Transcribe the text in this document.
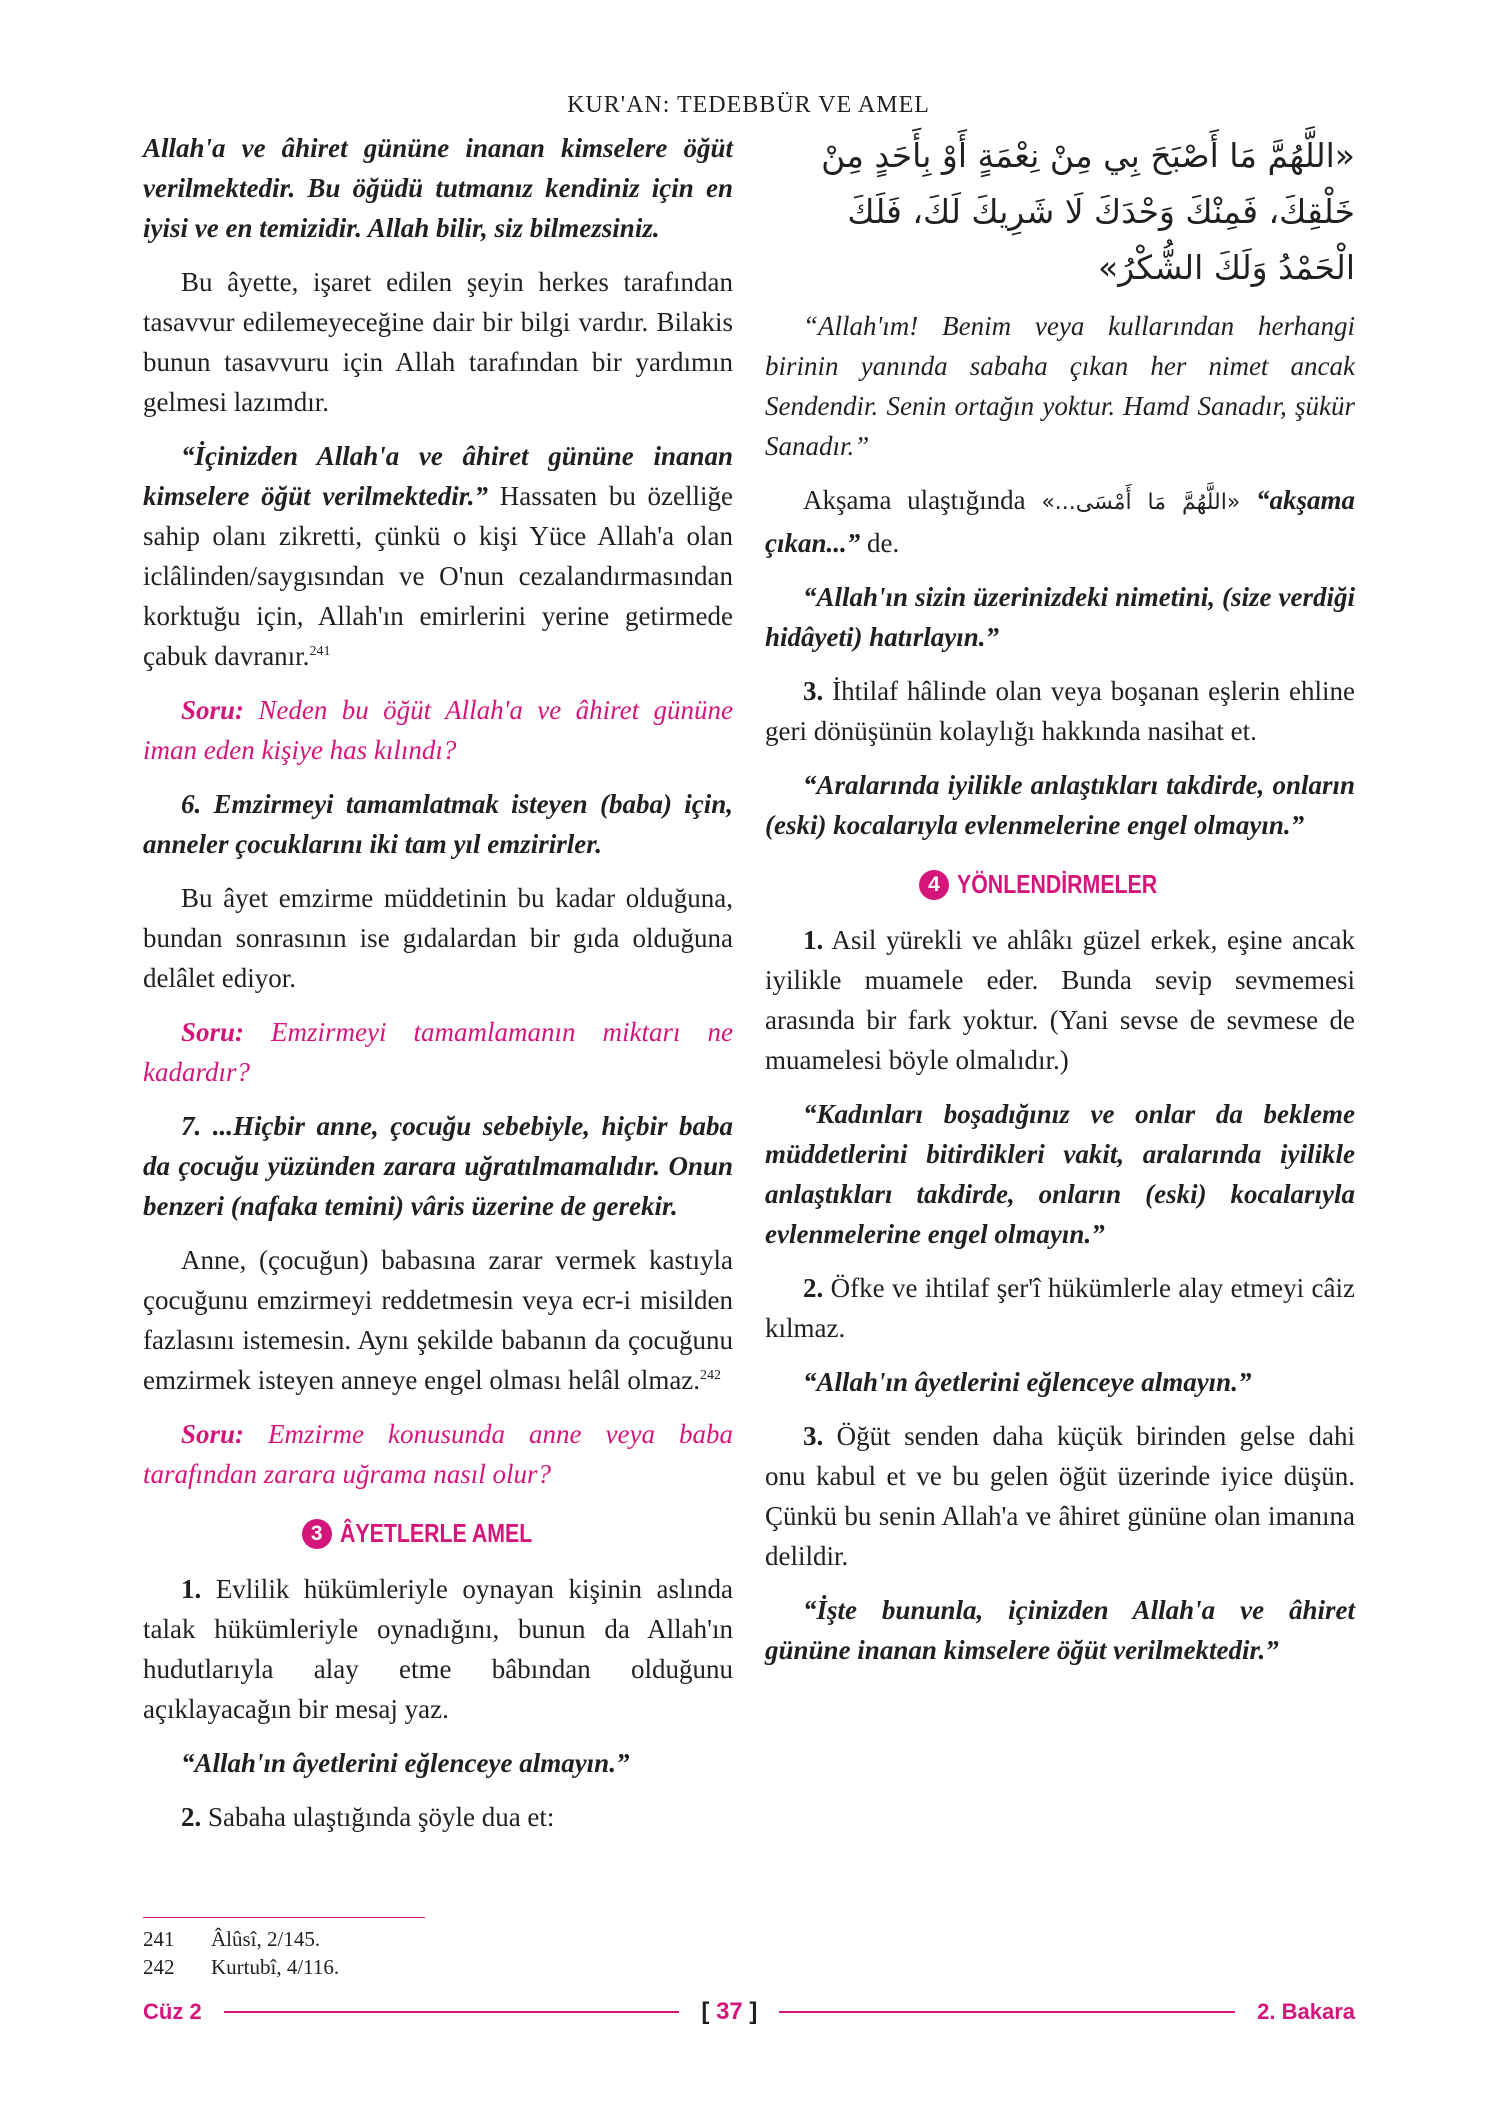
KUR'AN: TEDEBBÜR VE AMEL

Allah'a ve âhiret gününe inanan kimselere öğüt verilmektedir. Bu öğüdü tutmanız kendiniz için en iyisi ve en temizidir. Allah bilir, siz bilmezsiniz.

Bu âyette, işaret edilen şeyin herkes tarafından tasavvur edilemeyeceğine dair bir bilgi vardır. Bilakis bunun tasavvuru için Allah tarafından bir yardımın gelmesi lazımdır.

“İçinizden Allah'a ve âhiret gününe inanan kimselere öğüt verilmektedir.” Hassaten bu özelliğe sahip olanı zikretti, çünkü o kişi Yüce Allah'a olan iclâlinden/saygısından ve O'nun cezalandırmasından korktuğu için, Allah'ın emirlerini yerine getirmede çabuk davranır.$^{241}$

Soru: Neden bu öğüt Allah'a ve âhiret gününe iman eden kişiye has kılındı?

6. Emzirmeyi tamamlatmak isteyen (baba) için, anneler çocuklarını iki tam yıl emzirirler.

Bu âyet emzirme müddetinin bu kadar olduğuna, bundan sonrasının ise gıdalardan bir gıda olduğuna delâlet ediyor.

Soru: Emzirmeyi tamamlamanın miktarı ne kadardır?

7. ...Hiçbir anne, çocuğu sebebiyle, hiçbir baba da çocuğu yüzünden zarara uğratılmamalıdır. Onun benzeri (nafaka temini) vâris üzerine de gerekir.

Anne, (çocuğun) babasına zarar vermek kastıyla çocuğunu emzirmeyi reddetmesin veya ecr-i misilden fazlasını istemesin. Aynı şekilde babanın da çocuğunu emzirmek isteyen anneye engel olması helâl olmaz.$^{242}$

Soru: Emzirme konusunda anne veya baba tarafından zarara uğrama nasıl olur?

3 ÂYETLERLE AMEL

1. Evlilik hükümleriyle oynayan kişinin aslında talak hükümleriyle oynadığını, bunun da Allah'ın hudutlarıyla alay etme bâbından olduğunu açıklayacağın bir mesaj yaz.

“Allah'ın âyetlerini eğlenceye almayın.”

2. Sabaha ulaştığında şöyle dua et:

«اللَّهُمَّ مَا أَصْبَحَ بِي مِنْ نِعْمَةٍ أَوْ بِأَحَدٍ مِنْ خَلْقِكَ، فَمِنْكَ وَحْدَكَ لَا شَرِيكَ لَكَ، فَلَكَ الْحَمْدُ وَلَكَ الشُّكْرُ»

“Allah'ım! Benim veya kullarından herhangi birinin yanında sabaha çıkan her nimet ancak Sendendir. Senin ortağın yoktur. Hamd Sanadır, şükür Sanadır.”

Akşama ulaştığında «اللَّهُمَّ مَا أَمْسَى...» “akşama çıkan...” de.

“Allah'ın sizin üzerinizdeki nimetini, (size verdiği hidâyeti) hatırlayın.”

3. İhtilaf hâlinde olan veya boşanan eşlerin ehline geri dönüşünün kolaylığı hakkında nasihat et.

“Aralarında iyilikle anlaştıkları takdirde, onların (eski) kocalarıyla evlenmelerine engel olmayın.”

4 YÖNLENDİRMELER

1. Asil yürekli ve ahlâkı güzel erkek, eşine ancak iyilikle muamele eder. Bunda sevip sevmemesi arasında bir fark yoktur. (Yani sevse de sevmese de muamelesi böyle olmalıdır.)

“Kadınları boşadığınız ve onlar da bekleme müddetlerini bitirdikleri vakit, aralarında iyilikle anlaştıkları takdirde, onların (eski) kocalarıyla evlenmelerine engel olmayın.”

2. Öfke ve ihtilaf şer'î hükümlerle alay etmeyi câiz kılmaz.

“Allah'ın âyetlerini eğlenceye almayın.”

3. Öğüt senden daha küçük birinden gelse dahi onu kabul et ve bu gelen öğüt üzerinde iyice düşün. Çünkü bu senin Allah'a ve âhiret gününe olan imanına delildir.

“İşte bununla, içinizden Allah'a ve âhiret gününe inanan kimselere öğüt verilmektedir.”

241	Âlûsî, 2/145.
242	Kurtubî, 4/116.
Cüz 2	[ 37 ]	2. Bakara
